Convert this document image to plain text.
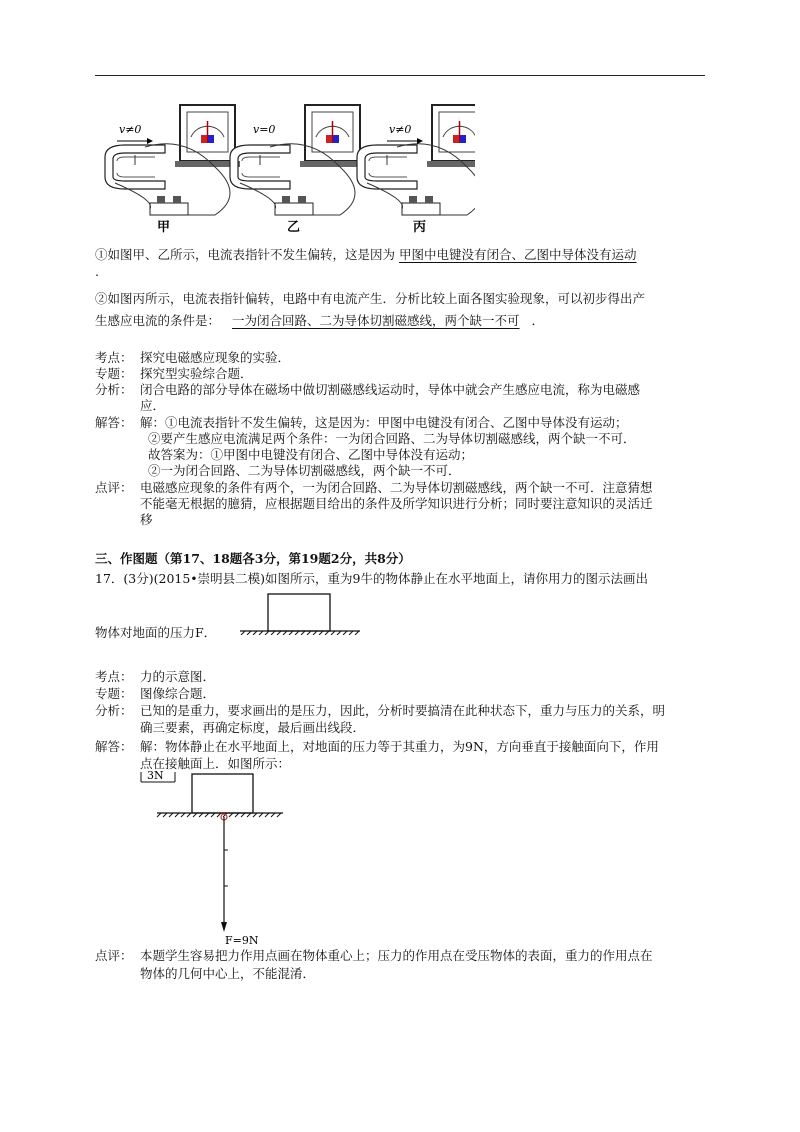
v≠0	v=0	v≠0
甲	乙	丙
①如图甲、乙所示，电流表指针不发生偏转，这是因为 甲图中电键没有闭合、乙图中导体没有运动
.
②如图丙所示，电流表指针偏转，电路中有电流产生．分析比较上面各图实验现象，可以初步得出产
生感应电流的条件是： 一为闭合回路、二为导体切割磁感线，两个缺一不可 ．
考点： 探究电磁感应现象的实验．
专题： 探究型实验综合题．
分析： 闭合电路的部分导体在磁场中做切割磁感线运动时，导体中就会产生感应电流，称为电磁感
应．
解答： 解：①电流表指针不发生偏转，这是因为：甲图中电键没有闭合、乙图中导体没有运动；
②要产生感应电流满足两个条件：一为闭合回路、二为导体切割磁感线，两个缺一不可．
故答案为：①甲图中电键没有闭合、乙图中导体没有运动；
②一为闭合回路、二为导体切割磁感线，两个缺一不可．
点评： 电磁感应现象的条件有两个，一为闭合回路、二为导体切割磁感线，两个缺一不可．注意猜想
不能毫无根据的臆猜，应根据题目给出的条件及所学知识进行分析；同时要注意知识的灵活迁
移
三、作图题（第17、18题各3分，第19题2分，共8分）
17．(3分)(2015•崇明县二模)如图所示，重为9牛的物体静止在水平地面上，请你用力的图示法画出
物体对地面的压力F．
考点： 力的示意图．
专题： 图像综合题．
分析： 已知的是重力，要求画出的是压力，因此，分析时要搞清在此种状态下，重力与压力的关系，明
确三要素，再确定标度，最后画出线段．
解答： 解：物体静止在水平地面上，对地面的压力等于其重力，为9N，方向垂直于接触面向下，作用
点在接触面上．如图所示：
3N
F=9N
点评： 本题学生容易把力作用点画在物体重心上；压力的作用点在受压物体的表面，重力的作用点在
物体的几何中心上，不能混淆．
